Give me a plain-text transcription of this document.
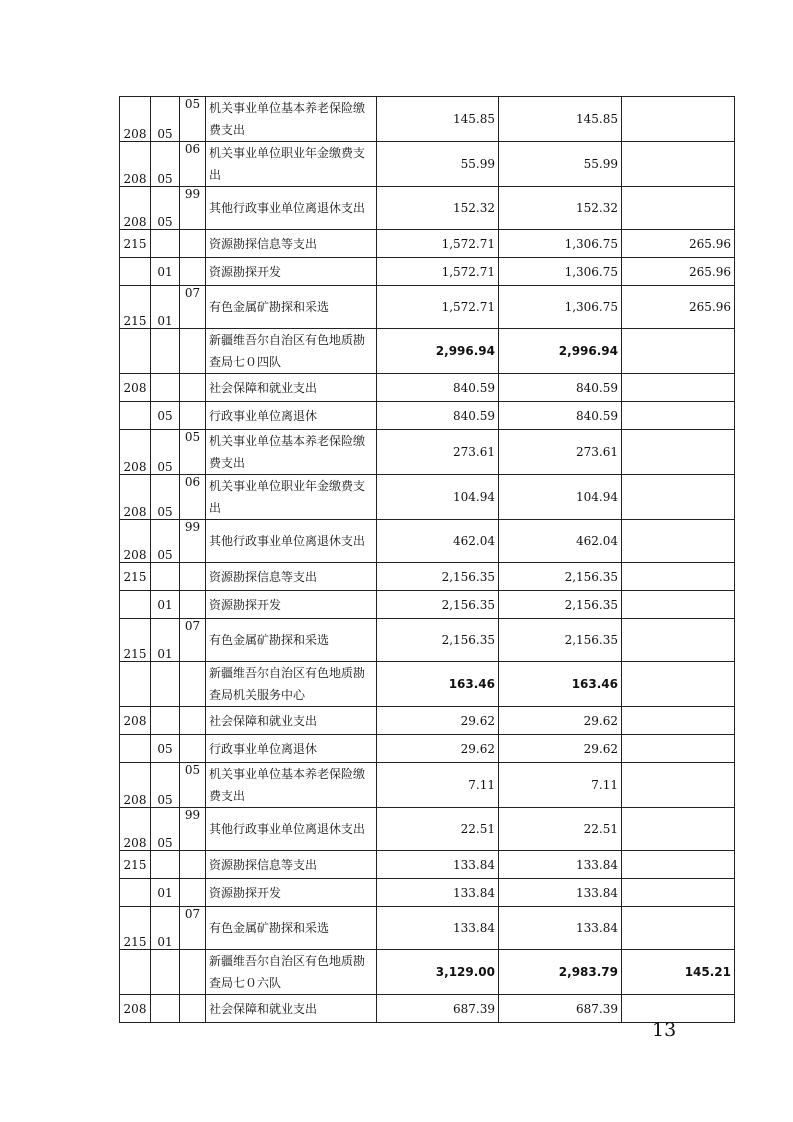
208	05	05	机关事业单位基本养老保险缴费支出	145.85	145.85	
208	05	06	机关事业单位职业年金缴费支出	55.99	55.99	
208	05	99	其他行政事业单位离退休支出	152.32	152.32	
215			资源勘探信息等支出	1,572.71	1,306.75	265.96
	01		资源勘探开发	1,572.71	1,306.75	265.96
215	01	07	有色金属矿勘探和采选	1,572.71	1,306.75	265.96
			新疆维吾尔自治区有色地质勘查局七０四队	2,996.94	2,996.94	
208			社会保障和就业支出	840.59	840.59	
	05		行政事业单位离退休	840.59	840.59	
208	05	05	机关事业单位基本养老保险缴费支出	273.61	273.61	
208	05	06	机关事业单位职业年金缴费支出	104.94	104.94	
208	05	99	其他行政事业单位离退休支出	462.04	462.04	
215			资源勘探信息等支出	2,156.35	2,156.35	
	01		资源勘探开发	2,156.35	2,156.35	
215	01	07	有色金属矿勘探和采选	2,156.35	2,156.35	
			新疆维吾尔自治区有色地质勘查局机关服务中心	163.46	163.46	
208			社会保障和就业支出	29.62	29.62	
	05		行政事业单位离退休	29.62	29.62	
208	05	05	机关事业单位基本养老保险缴费支出	7.11	7.11	
208	05	99	其他行政事业单位离退休支出	22.51	22.51	
215			资源勘探信息等支出	133.84	133.84	
	01		资源勘探开发	133.84	133.84	
215	01	07	有色金属矿勘探和采选	133.84	133.84	
			新疆维吾尔自治区有色地质勘查局七０六队	3,129.00	2,983.79	145.21
208			社会保障和就业支出	687.39	687.39	
13
